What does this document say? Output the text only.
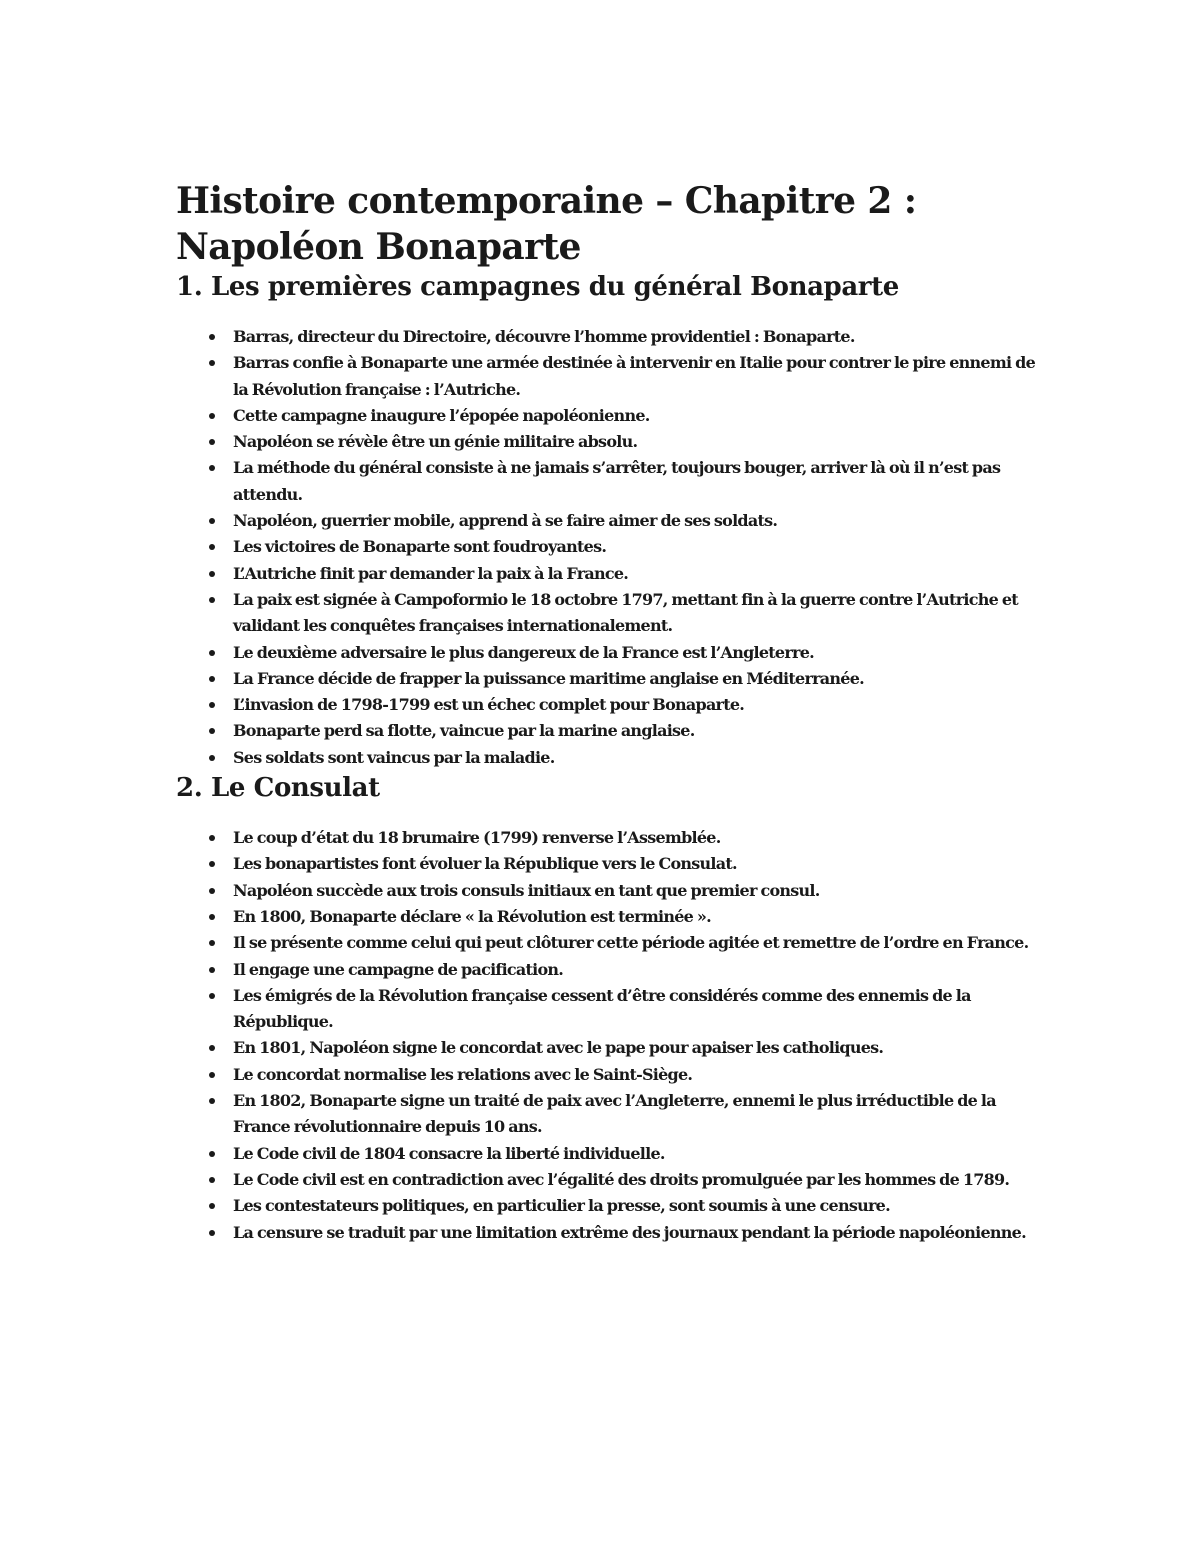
Histoire contemporaine – Chapitre 2 : Napoléon Bonaparte
1. Les premières campagnes du général Bonaparte
Barras, directeur du Directoire, découvre l’homme providentiel : Bonaparte.
Barras confie à Bonaparte une armée destinée à intervenir en Italie pour contrer le pire ennemi de la Révolution française : l’Autriche.
Cette campagne inaugure l’épopée napoléonienne.
Napoléon se révèle être un génie militaire absolu.
La méthode du général consiste à ne jamais s’arrêter, toujours bouger, arriver là où il n’est pas attendu.
Napoléon, guerrier mobile, apprend à se faire aimer de ses soldats.
Les victoires de Bonaparte sont foudroyantes.
L’Autriche finit par demander la paix à la France.
La paix est signée à Campoformio le 18 octobre 1797, mettant fin à la guerre contre l’Autriche et validant les conquêtes françaises internationalement.
Le deuxième adversaire le plus dangereux de la France est l’Angleterre.
La France décide de frapper la puissance maritime anglaise en Méditerranée.
L’invasion de 1798-1799 est un échec complet pour Bonaparte.
Bonaparte perd sa flotte, vaincue par la marine anglaise.
Ses soldats sont vaincus par la maladie.
2. Le Consulat
Le coup d’état du 18 brumaire (1799) renverse l’Assemblée.
Les bonapartistes font évoluer la République vers le Consulat.
Napoléon succède aux trois consuls initiaux en tant que premier consul.
En 1800, Bonaparte déclare « la Révolution est terminée ».
Il se présente comme celui qui peut clôturer cette période agitée et remettre de l’ordre en France.
Il engage une campagne de pacification.
Les émigrés de la Révolution française cessent d’être considérés comme des ennemis de la République.
En 1801, Napoléon signe le concordat avec le pape pour apaiser les catholiques.
Le concordat normalise les relations avec le Saint-Siège.
En 1802, Bonaparte signe un traité de paix avec l’Angleterre, ennemi le plus irréductible de la France révolutionnaire depuis 10 ans.
Le Code civil de 1804 consacre la liberté individuelle.
Le Code civil est en contradiction avec l’égalité des droits promulguée par les hommes de 1789.
Les contestateurs politiques, en particulier la presse, sont soumis à une censure.
La censure se traduit par une limitation extrême des journaux pendant la période napoléonienne.
